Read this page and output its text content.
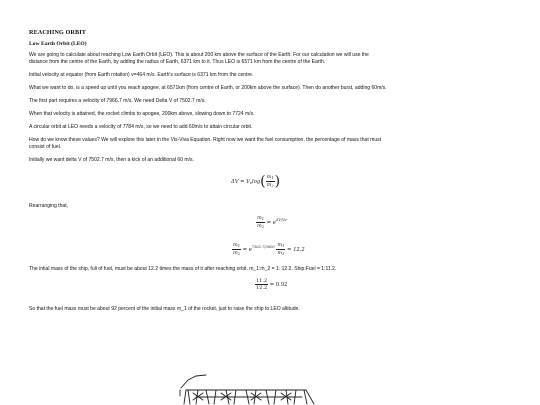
REACHING ORBIT
Low Earth Orbit (LEO)
We are going to calculate about reaching Low Earth Orbit (LEO). This is about 200 km above the surface of the Earth. For our calculation we will use the
distance from the centre of the Earth, by adding the radius of Earth, 6371 km to it. Thus LEO is 6571 km from the centre of the Earth.
Initial velocity at equator (from Earth rotation) v=464 m/s. Earth's surface is 6371 km from the centre.
What we want to do, is a speed up until you reach apogee, at 6571km (from centre of Earth, or 200km above the surface). Then do another burst, adding 60m/s.
The first part requires a velocity of 7966.7 m/s. We need Delta V of 7502.7 m/s.
When that velocity is attained, the rocket climbs to apogee, 200km above, slowing down to 7724 m/s.
A circular orbit at LEO needs a velocity of 7784 m/s, so we need to add 60m/s to attain circular orbit.
How do we know these values? We will explore this later in the Vis-Viva Equation. Right now we want the fuel consumption, the percentage of mass that must
consist of fuel.
Initially we want delta V of 7502.7 m/s, then a kick of an additional 60 m/s.
$\Delta V = V_e\log( \frac{m_1}{m_2}$ )
Rearranging that,
$\frac{m_1}{m_2} = e^{\Delta V/Ve}$
$\frac{m_1}{m_2} = e^{7562.7/3000} \frac{m_1}{m_2} = 12.2$
The intial mass of the ship, full of fuel, must be about 12.2 times the mass of it after reaching orbit. m_1:m_2 = 1: 12.2. Ship:Fuel = 1:11.2.
$\frac{11.2}{12.2} = 0.92$
So that the fuel mass must be about 92 percent of the initial mass m_1 of the rocket, just to raise the ship to LEO altitude.
